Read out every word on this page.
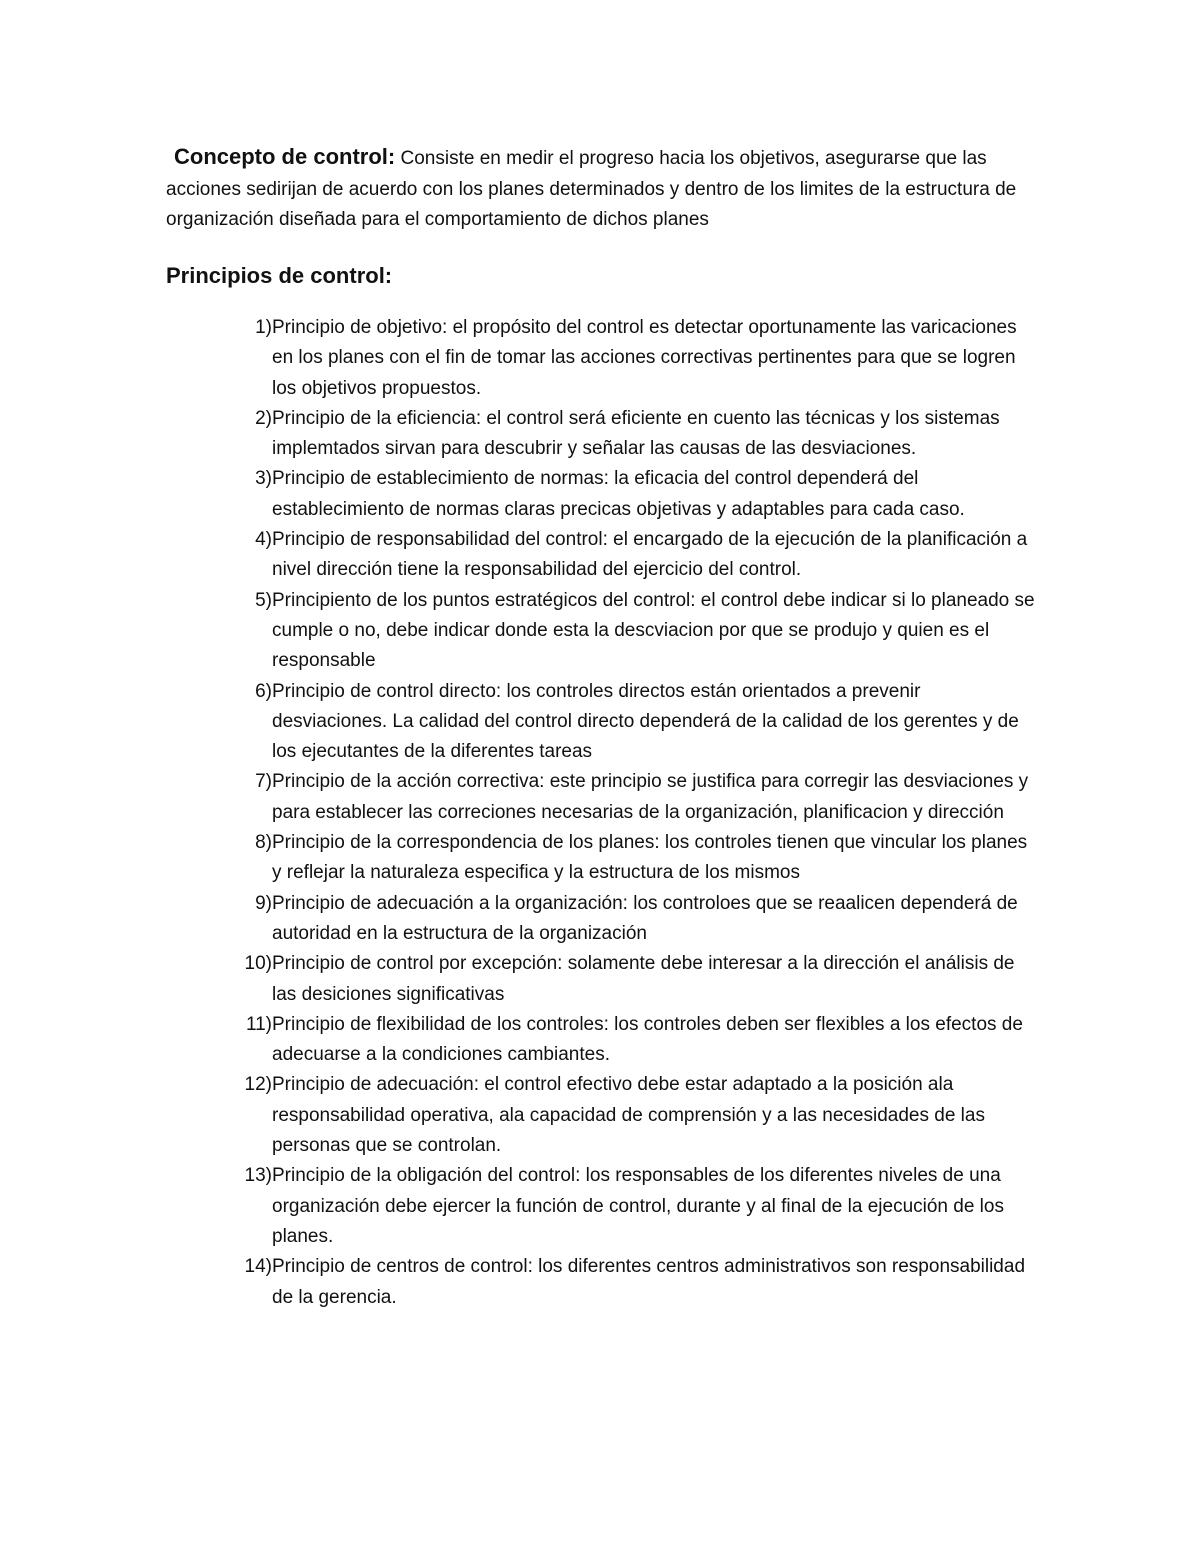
Concepto de control: Consiste en medir el progreso hacia los objetivos, asegurarse que las acciones sedirijan de acuerdo con los planes determinados y dentro de los limites de la estructura de organización diseñada para el comportamiento de dichos planes

Principios de control:
1) Principio de objetivo: el propósito del control es detectar oportunamente las varicaciones en los planes con el fin de tomar las acciones correctivas pertinentes para que se logren los objetivos propuestos.
2) Principio de la eficiencia: el control será eficiente en cuento las técnicas y los sistemas implemtados sirvan para descubrir y señalar las causas de las desviaciones.
3) Principio de establecimiento de normas: la eficacia del control dependerá del establecimiento de normas claras precicas objetivas y adaptables para cada caso.
4) Principio de responsabilidad del control: el encargado de la ejecución de la planificación a nivel dirección tiene la responsabilidad del ejercicio del control.
5) Principiento de los puntos estratégicos del control: el control debe indicar si lo planeado se cumple o no, debe indicar donde esta la descviacion por que se produjo y quien es el responsable
6) Principio de control directo: los controles directos están orientados a prevenir desviaciones. La calidad del control directo dependerá de la calidad de los gerentes y de los ejecutantes de la diferentes tareas
7) Principio de la acción correctiva: este principio se justifica para corregir las desviaciones y para establecer las correciones necesarias de la organización, planificacion y dirección
8) Principio de la correspondencia de los planes: los controles tienen que vincular los planes y reflejar la naturaleza especifica y la estructura de los mismos
9) Principio de adecuación a la organización: los controloes que se reaalicen dependerá de autoridad en la estructura de la organización
10) Principio de control por excepción: solamente debe interesar a la dirección el análisis de las desiciones significativas
11) Principio de flexibilidad de los controles: los controles deben ser flexibles a los efectos de adecuarse a la condiciones cambiantes.
12) Principio de adecuación: el control efectivo debe estar adaptado a la posición ala responsabilidad operativa, ala capacidad de comprensión y a las necesidades de las personas que se controlan.
13) Principio de la obligación del control: los responsables de los diferentes niveles de una organización debe ejercer la función de control, durante y al final de la ejecución de los planes.
14) Principio de centros de control: los diferentes centros administrativos son responsabilidad de la gerencia.
